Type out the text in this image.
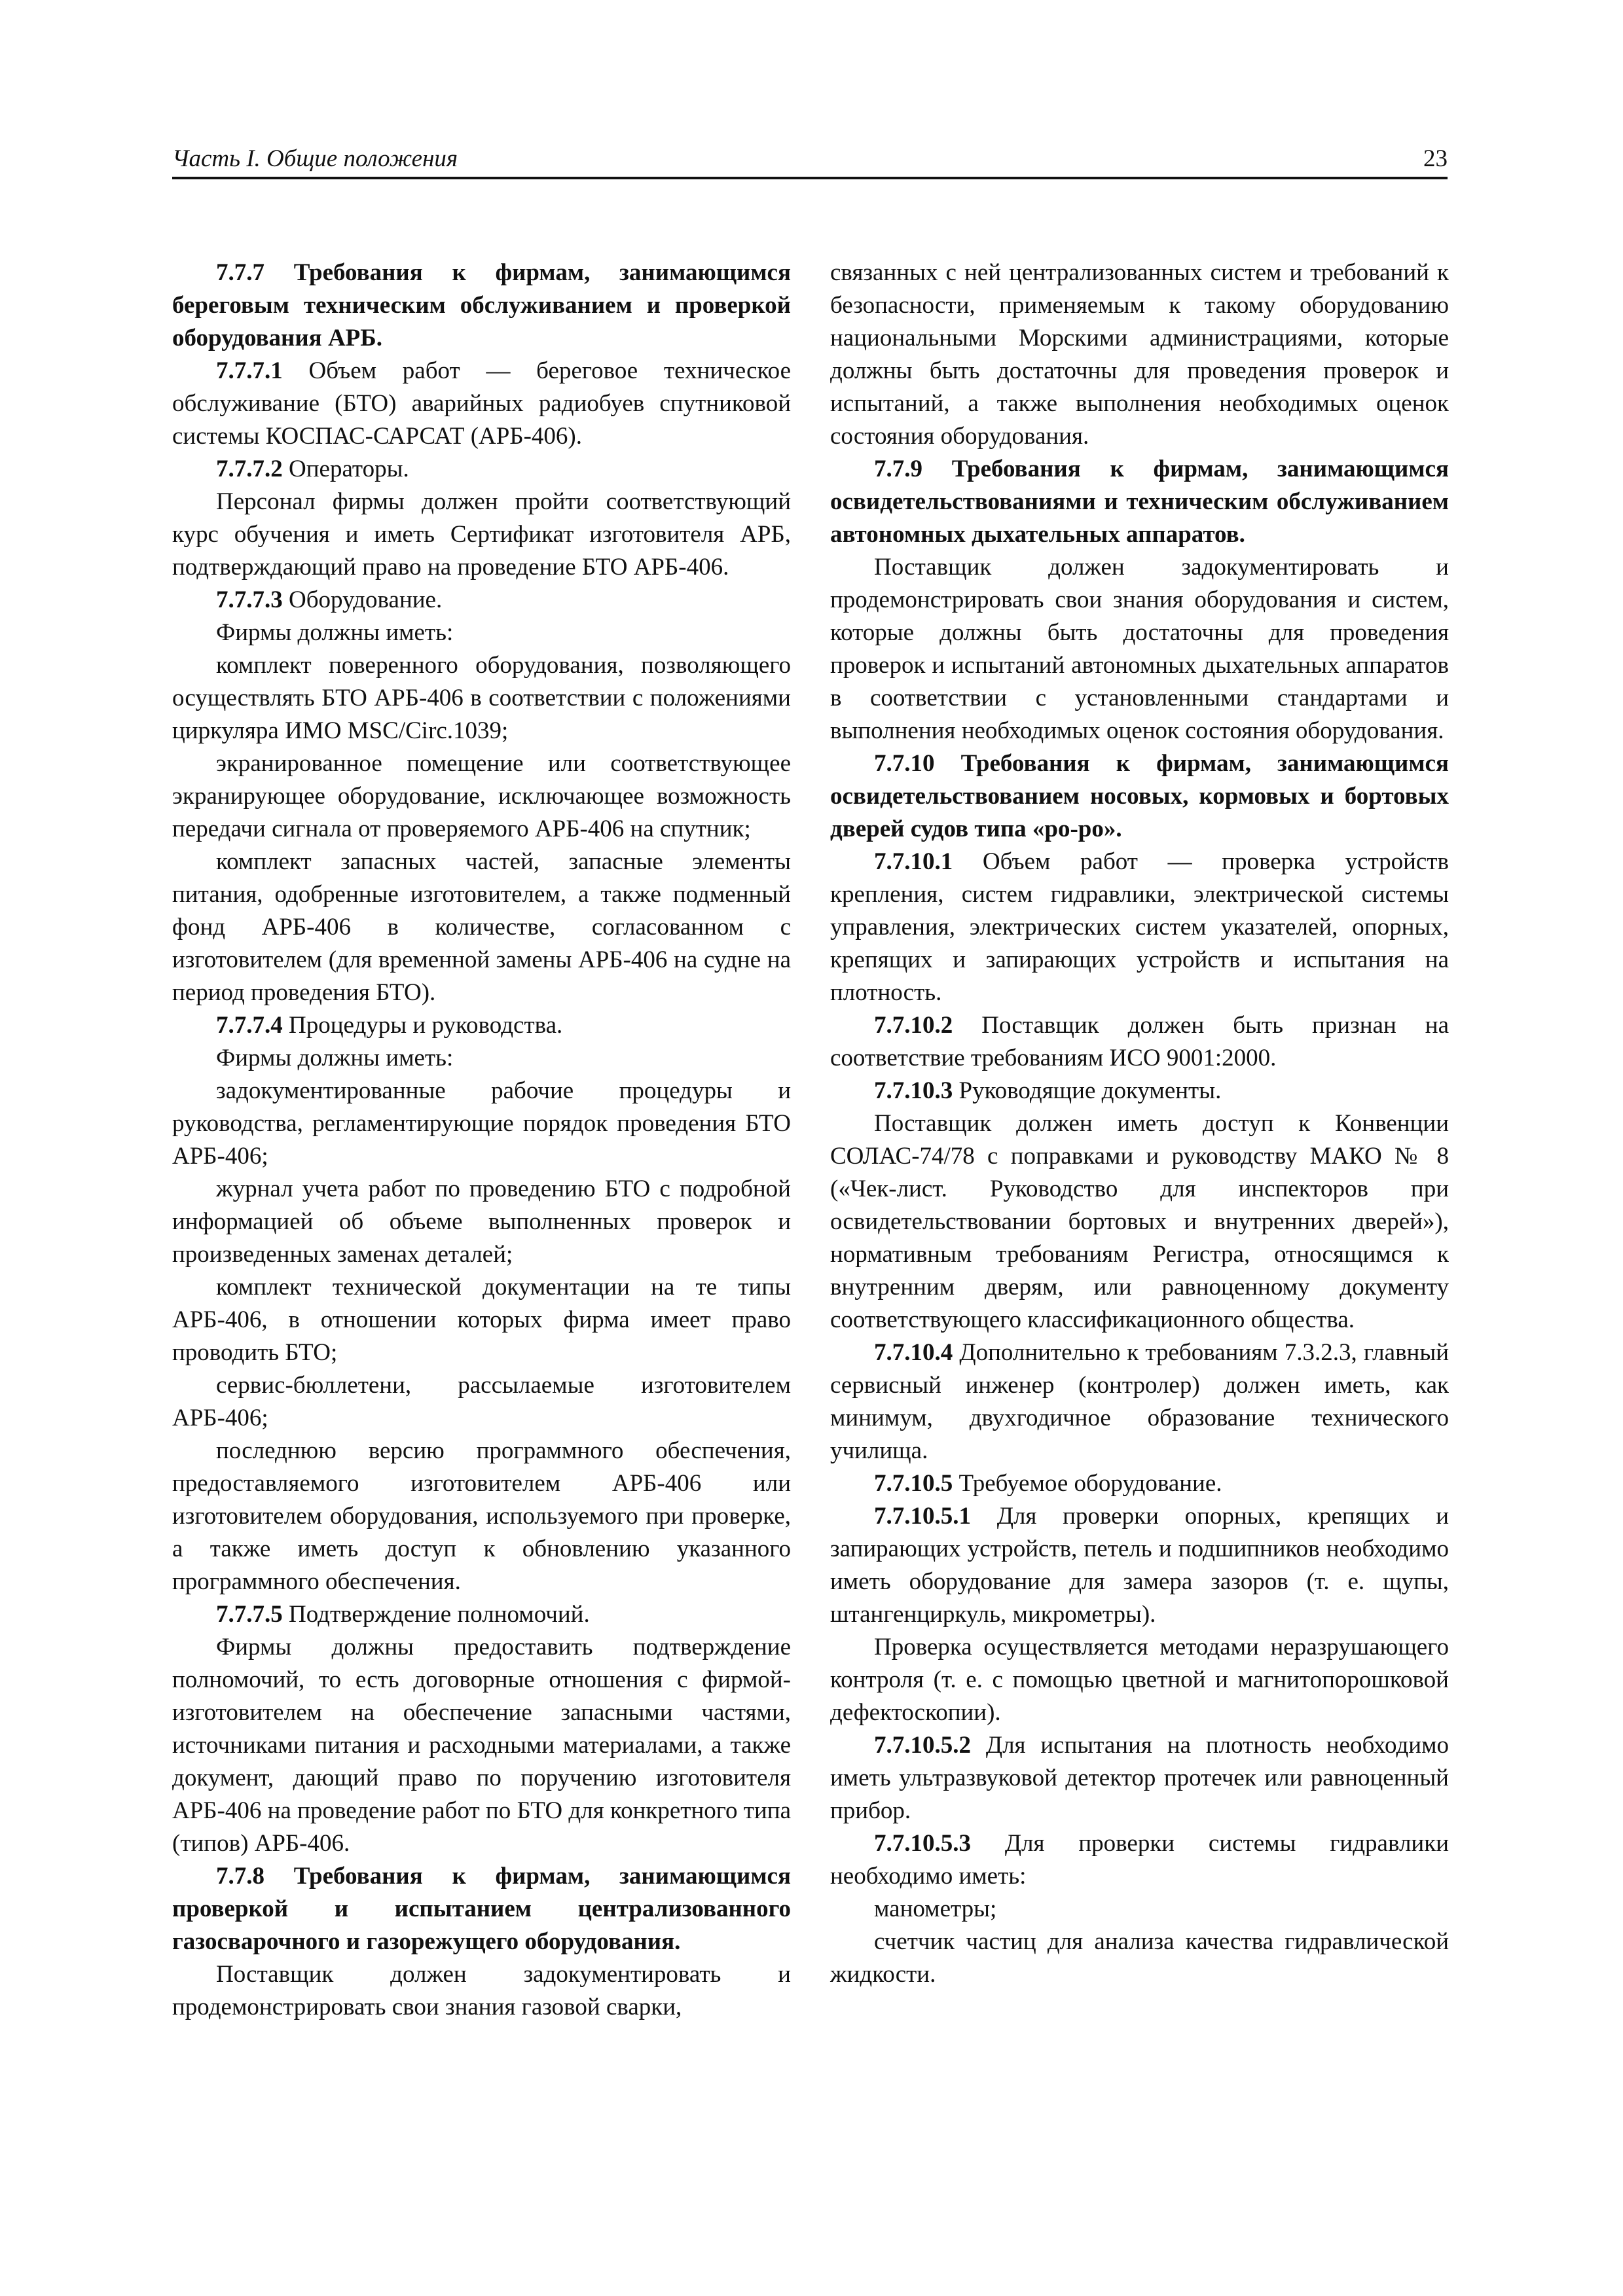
Часть I. Общие положения	23

7.7.7 Требования к фирмам, занимающимся береговым техническим обслуживанием и проверкой оборудования АРБ.

7.7.7.1 Объем работ — береговое техническое обслуживание (БТО) аварийных радиобуев спутниковой системы КОСПАС-САРСАТ (АРБ-406).

7.7.7.2 Операторы.

Персонал фирмы должен пройти соответствующий курс обучения и иметь Сертификат изготовителя АРБ, подтверждающий право на проведение БТО АРБ-406.

7.7.7.3 Оборудование.

Фирмы должны иметь:

комплект поверенного оборудования, позволяющего осуществлять БТО АРБ-406 в соответствии с положениями циркуляра ИМО MSC/Circ.1039;

экранированное помещение или соответствующее экранирующее оборудование, исключающее возможность передачи сигнала от проверяемого АРБ-406 на спутник;

комплект запасных частей, запасные элементы питания, одобренные изготовителем, а также подменный фонд АРБ-406 в количестве, согласованном с изготовителем (для временной замены АРБ-406 на судне на период проведения БТО).

7.7.7.4 Процедуры и руководства.

Фирмы должны иметь:

задокументированные рабочие процедуры и руководства, регламентирующие порядок проведения БТО АРБ-406;

журнал учета работ по проведению БТО с подробной информацией об объеме выполненных проверок и произведенных заменах деталей;

комплект технической документации на те типы АРБ-406, в отношении которых фирма имеет право проводить БТО;

сервис-бюллетени, рассылаемые изготовителем АРБ-406;

последнюю версию программного обеспечения, предоставляемого изготовителем АРБ-406 или изготовителем оборудования, используемого при проверке, а также иметь доступ к обновлению указанного программного обеспечения.

7.7.7.5 Подтверждение полномочий.

Фирмы должны предоставить подтверждение полномочий, то есть договорные отношения с фирмой-изготовителем на обеспечение запасными частями, источниками питания и расходными материалами, а также документ, дающий право по поручению изготовителя АРБ-406 на проведение работ по БТО для конкретного типа (типов) АРБ-406.

7.7.8 Требования к фирмам, занимающимся проверкой и испытанием централизованного газосварочного и газорежущего оборудования.

Поставщик должен задокументировать и продемонстрировать свои знания газовой сварки,

связанных с ней централизованных систем и требований к безопасности, применяемым к такому оборудованию национальными Морскими администрациями, которые должны быть достаточны для проведения проверок и испытаний, а также выполнения необходимых оценок состояния оборудования.

7.7.9 Требования к фирмам, занимающимся освидетельствованиями и техническим обслуживанием автономных дыхательных аппаратов.

Поставщик должен задокументировать и продемонстрировать свои знания оборудования и систем, которые должны быть достаточны для проведения проверок и испытаний автономных дыхательных аппаратов в соответствии с установленными стандартами и выполнения необходимых оценок состояния оборудования.

7.7.10 Требования к фирмам, занимающимся освидетельствованием носовых, кормовых и бортовых дверей судов типа «ро-ро».

7.7.10.1 Объем работ — проверка устройств крепления, систем гидравлики, электрической системы управления, электрических систем указателей, опорных, крепящих и запирающих устройств и испытания на плотность.

7.7.10.2 Поставщик должен быть признан на соответствие требованиям ИСО 9001:2000.

7.7.10.3 Руководящие документы.

Поставщик должен иметь доступ к Конвенции СОЛАС-74/78 с поправками и руководству МАКО № 8 («Чек-лист. Руководство для инспекторов при освидетельствовании бортовых и внутренних дверей»), нормативным требованиям Регистра, относящимся к внутренним дверям, или равноценному документу соответствующего классификационного общества.

7.7.10.4 Дополнительно к требованиям 7.3.2.3, главный сервисный инженер (контролер) должен иметь, как минимум, двухгодичное образование технического училища.

7.7.10.5 Требуемое оборудование.

7.7.10.5.1 Для проверки опорных, крепящих и запирающих устройств, петель и подшипников необходимо иметь оборудование для замера зазоров (т. е. щупы, штангенциркуль, микрометры).

Проверка осуществляется методами неразрушающего контроля (т. е. с помощью цветной и магнитопорошковой дефектоскопии).

7.7.10.5.2 Для испытания на плотность необходимо иметь ультразвуковой детектор протечек или равноценный прибор.

7.7.10.5.3 Для проверки системы гидравлики необходимо иметь:

манометры;

счетчик частиц для анализа качества гидравлической жидкости.
